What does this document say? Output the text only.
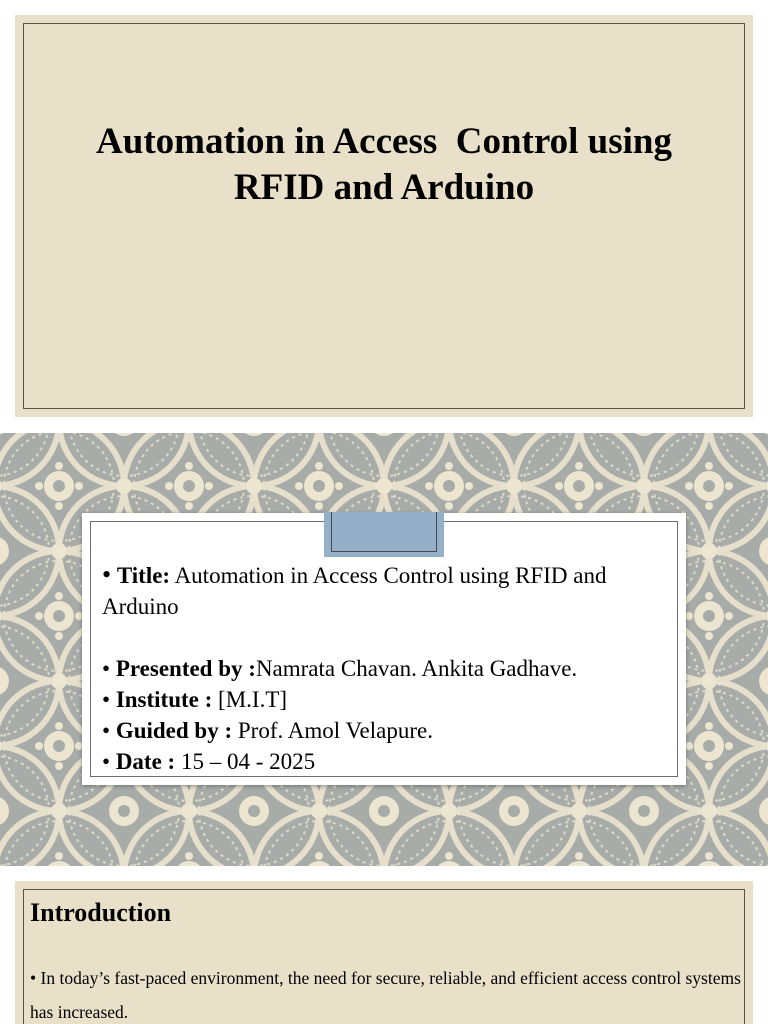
Automation in Access  Control using
RFID and Arduino
• Title: Automation in Access Control using RFID and Arduino
• Presented by :Namrata Chavan. Ankita Gadhave.
• Institute : [M.I.T]
• Guided by : Prof. Amol Velapure.
• Date : 15 – 04 - 2025
Introduction
• In today’s fast-paced environment, the need for secure, reliable, and efficient access control systems has increased.
